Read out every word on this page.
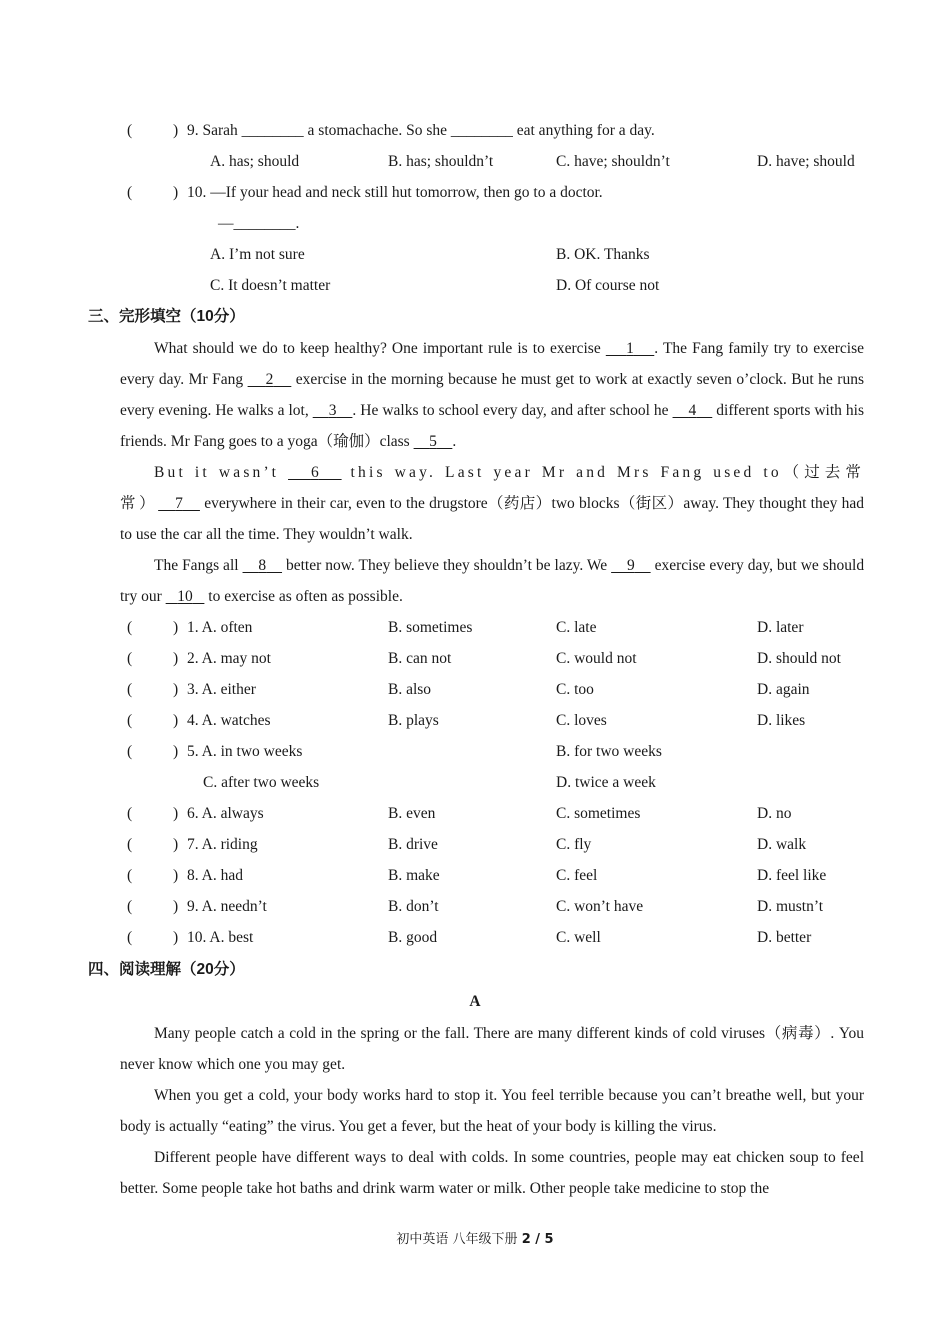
(	) 9. Sarah ________ a stomachache. So she ________ eat anything for a day.
A. has; should	B. has; shouldn’t	C. have; shouldn’t	D. have; should
(	) 10. —If your head and neck still hut tomorrow, then go to a doctor.
—________.
A. I’m not sure	B. OK. Thanks
C. It doesn’t matter	D. Of course not
三、完形填空（10分）

What should we do to keep healthy? One important rule is to exercise     1 . The Fang family try to exercise every day. Mr Fang     2     exercise in the morning because he must get to work at exactly seven o’clock. But he runs every evening. He walks a lot,     3 . He walks to school every day, and after school he     4     different sports with his friends. Mr Fang goes to a yoga（瑜伽）class     5 .

But it wasn’t     6     this way. Last year Mr and Mrs Fang used to（过去常常） 7     everywhere in their car, even to the drugstore（药店）two blocks（街区）away. They thought they had to use the car all the time. They wouldn’t walk.

The Fangs all     8     better now. They believe they shouldn’t be lazy. We     9     exercise every day, but we should try our    10    to exercise as often as possible.

(	) 1. A. often	B. sometimes	C. late	D. later
(	) 2. A. may not	B. can not	C. would not	D. should not
(	) 3. A. either	B. also	C. too	D. again
(	) 4. A. watches	B. plays	C. loves	D. likes
(	) 5. A. in two weeks	B. for two weeks
C. after two weeks	D. twice a week
(	) 6. A. always	B. even	C. sometimes	D. no
(	) 7. A. riding	B. drive	C. fly	D. walk
(	) 8. A. had	B. make	C. feel	D. feel like
(	) 9. A. needn’t	B. don’t	C. won’t have	D. mustn’t
(	) 10. A. best	B. good	C. well	D. better
四、阅读理解（20分）
A

Many people catch a cold in the spring or the fall. There are many different kinds of cold viruses（病毒）. You never know which one you may get.

When you get a cold, your body works hard to stop it. You feel terrible because you can’t breathe well, but your body is actually “eating” the virus. You get a fever, but the heat of your body is killing the virus.

Different people have different ways to deal with colds. In some countries, people may eat chicken soup to feel better. Some people take hot baths and drink warm water or milk. Other people take medicine to stop the

初中英语 八年级下册 2 / 5
